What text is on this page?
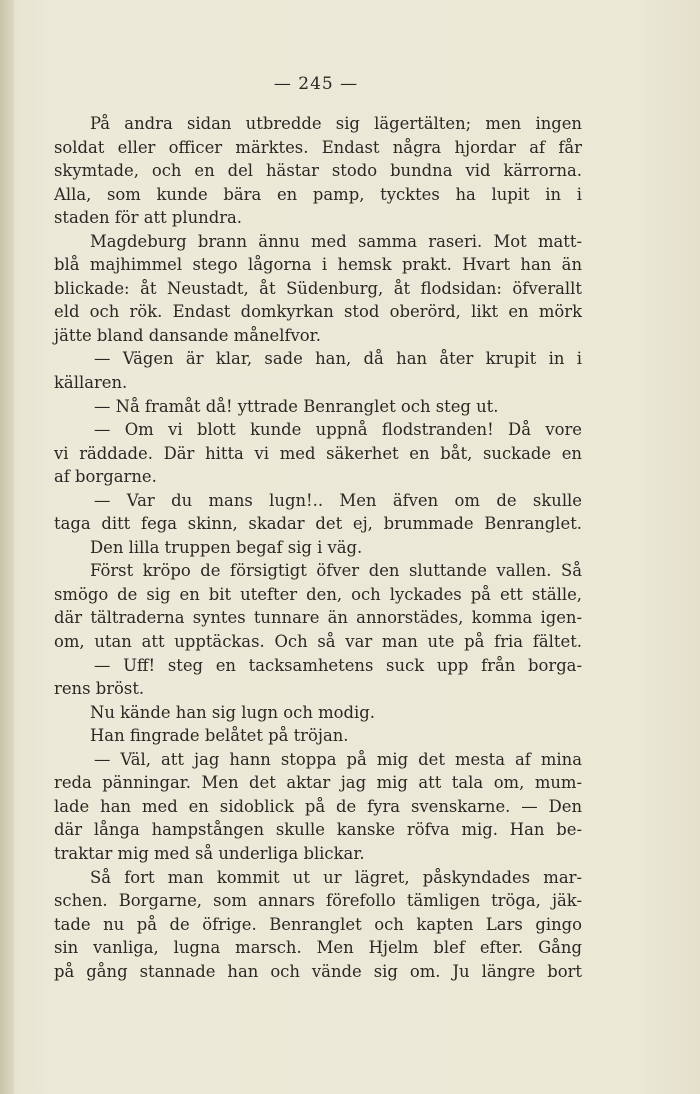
— 245 —
På andra sidan utbredde sig lägertälten; men ingen
soldat eller officer märktes. Endast några hjordar af får
skymtade, och en del hästar stodo bundna vid kärrorna.
Alla, som kunde bära en pamp, tycktes ha lupit in i
staden för att plundra.
Magdeburg brann ännu med samma raseri. Mot matt-
blå majhimmel stego lågorna i hemsk prakt. Hvart han än
blickade: åt Neustadt, åt Südenburg, åt flodsidan: öfverallt
eld och rök. Endast domkyrkan stod oberörd, likt en mörk
jätte bland dansande månelfvor.
— Vägen är klar, sade han, då han åter krupit in i
källaren.
— Nå framåt då! yttrade Benranglet och steg ut.
— Om vi blott kunde uppnå flodstranden! Då vore
vi räddade. Där hitta vi med säkerhet en båt, suckade en
af borgarne.
— Var du mans lugn!.. Men äfven om de skulle
taga ditt fega skinn, skadar det ej, brummade Benranglet.
Den lilla truppen begaf sig i väg.
Först kröpo de försigtigt öfver den sluttande vallen. Så
smögo de sig en bit utefter den, och lyckades på ett ställe,
där tältraderna syntes tunnare än annorstädes, komma igen-
om, utan att upptäckas. Och så var man ute på fria fältet.
— Uff! steg en tacksamhetens suck upp från borga-
rens bröst.
Nu kände han sig lugn och modig.
Han fingrade belåtet på tröjan.
— Väl, att jag hann stoppa på mig det mesta af mina
reda pänningar. Men det aktar jag mig att tala om, mum-
lade han med en sidoblick på de fyra svenskarne. — Den
där långa hampstången skulle kanske röfva mig. Han be-
traktar mig med så underliga blickar.
Så fort man kommit ut ur lägret, påskyndades mar-
schen. Borgarne, som annars förefollo tämligen tröga, jäk-
tade nu på de öfrige. Benranglet och kapten Lars gingo
sin vanliga, lugna marsch. Men Hjelm blef efter. Gång
på gång stannade han och vände sig om. Ju längre bort
